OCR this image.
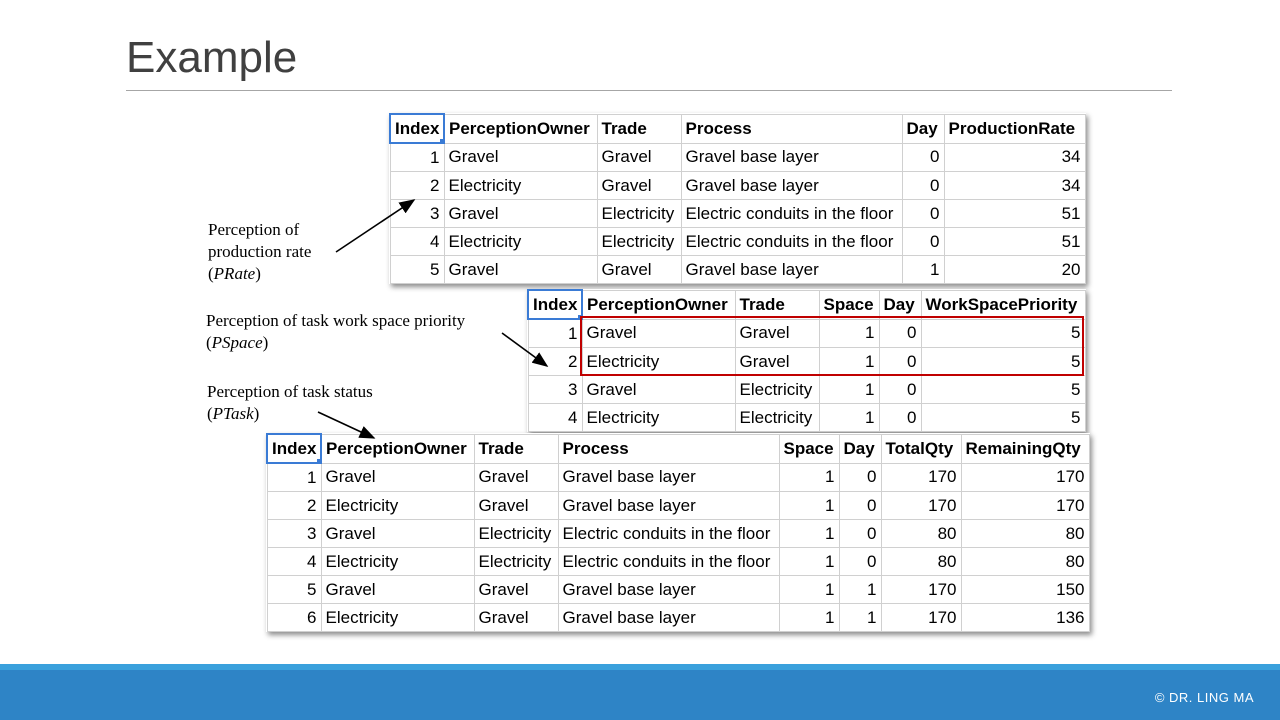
Example
Index	PerceptionOwner	Trade	Process	Day	ProductionRate
1	Gravel	Gravel	Gravel base layer	0	34
2	Electricity	Gravel	Gravel base layer	0	34
3	Gravel	Electricity	Electric conduits in the floor	0	51
4	Electricity	Electricity	Electric conduits in the floor	0	51
5	Gravel	Gravel	Gravel base layer	1	20
Index	PerceptionOwner	Trade	Space	Day	WorkSpacePriority
1	Gravel	Gravel	1	0	5
2	Electricity	Gravel	1	0	5
3	Gravel	Electricity	1	0	5
4	Electricity	Electricity	1	0	5
Index	PerceptionOwner	Trade	Process	Space	Day	TotalQty	RemainingQty
1	Gravel	Gravel	Gravel base layer	1	0	170	170
2	Electricity	Gravel	Gravel base layer	1	0	170	170
3	Gravel	Electricity	Electric conduits in the floor	1	0	80	80
4	Electricity	Electricity	Electric conduits in the floor	1	0	80	80
5	Gravel	Gravel	Gravel base layer	1	1	170	150
6	Electricity	Gravel	Gravel base layer	1	1	170	136
Perception of
production rate
(PRate)
Perception of task work space priority
(PSpace)
Perception of task status
(PTask)
© DR. LING MA
